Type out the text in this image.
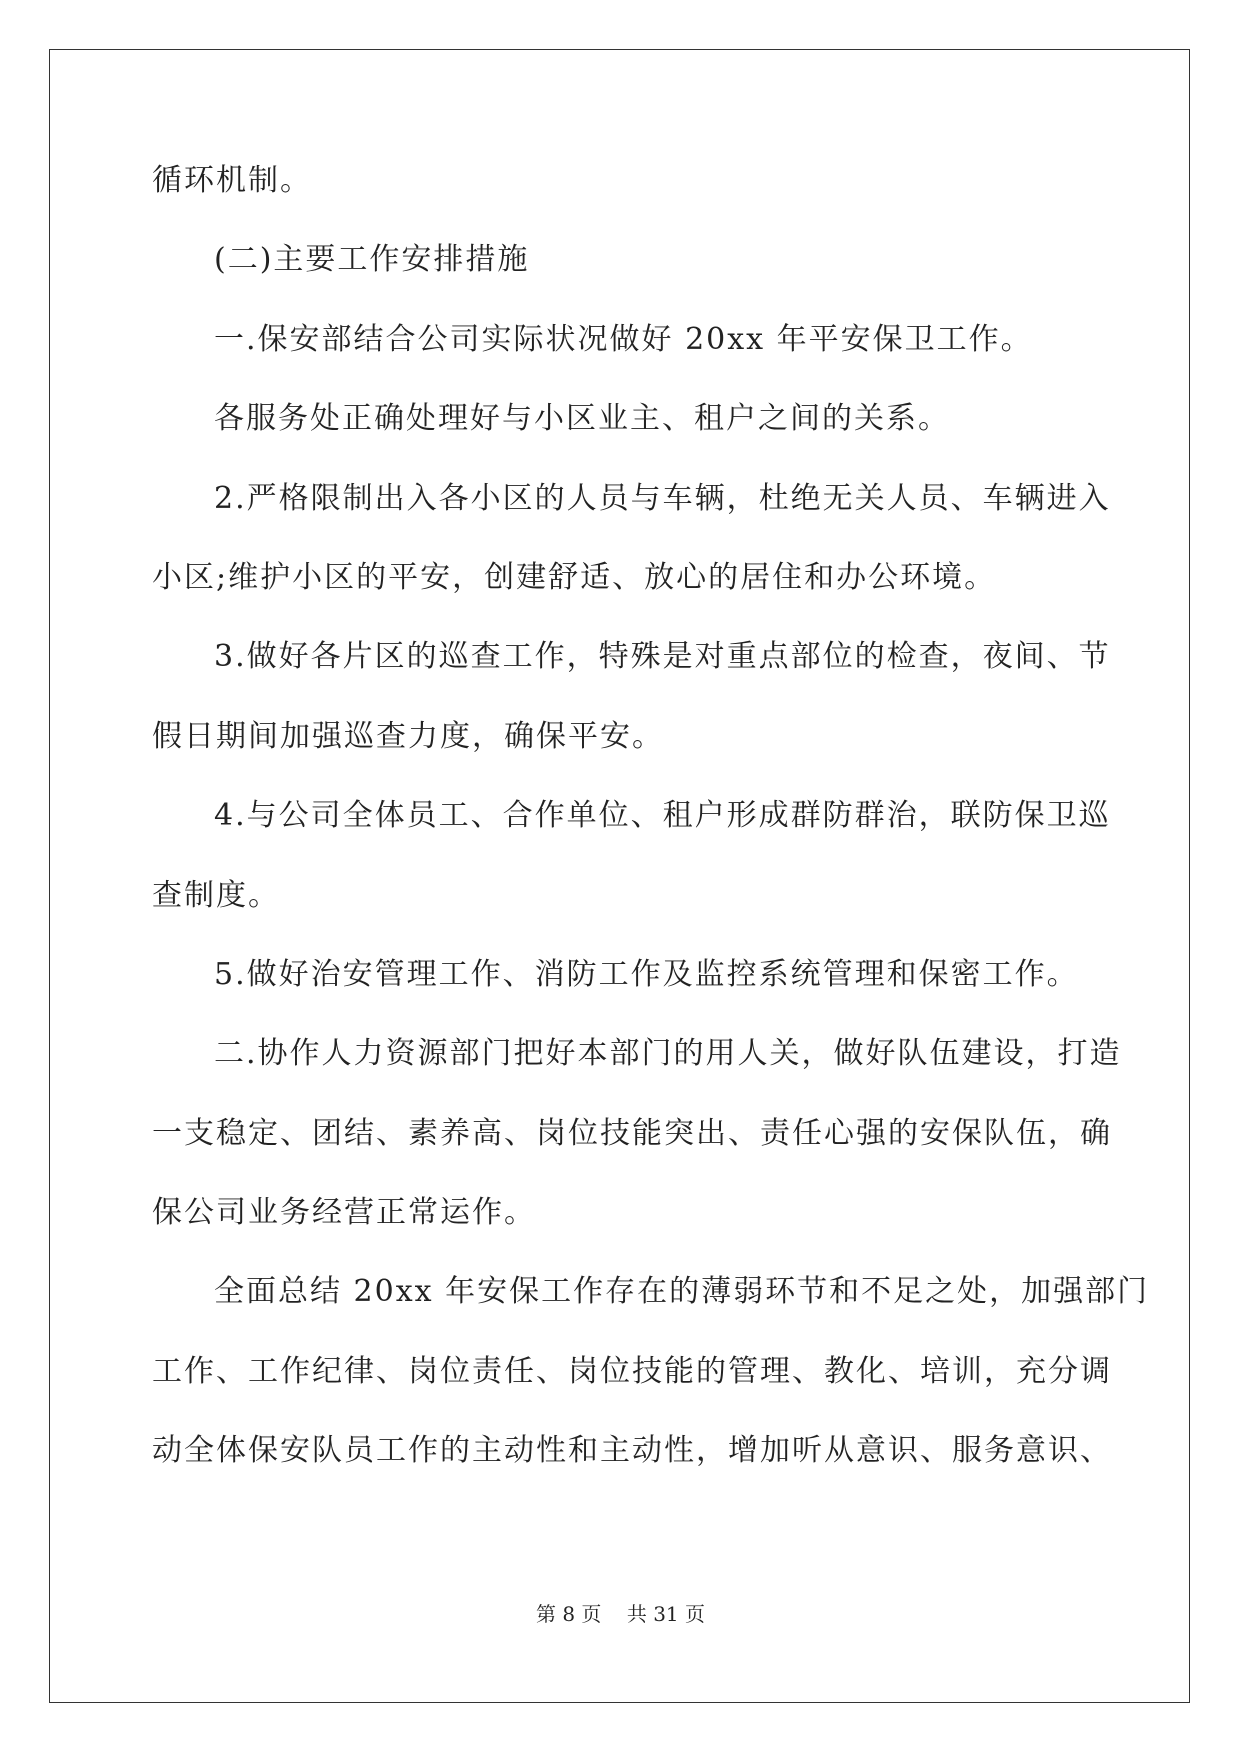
循环机制。
(二)主要工作安排措施
一.保安部结合公司实际状况做好 20xx 年平安保卫工作。
各服务处正确处理好与小区业主、租户之间的关系。
2.严格限制出入各小区的人员与车辆，杜绝无关人员、车辆进入
小区;维护小区的平安，创建舒适、放心的居住和办公环境。
3.做好各片区的巡查工作，特殊是对重点部位的检查，夜间、节
假日期间加强巡查力度，确保平安。
4.与公司全体员工、合作单位、租户形成群防群治，联防保卫巡
查制度。
5.做好治安管理工作、消防工作及监控系统管理和保密工作。
二.协作人力资源部门把好本部门的用人关，做好队伍建设，打造
一支稳定、团结、素养高、岗位技能突出、责任心强的安保队伍，确
保公司业务经营正常运作。
全面总结 20xx 年安保工作存在的薄弱环节和不足之处，加强部门
工作、工作纪律、岗位责任、岗位技能的管理、教化、培训，充分调
动全体保安队员工作的主动性和主动性，增加听从意识、服务意识、
第 8 页    共 31 页
